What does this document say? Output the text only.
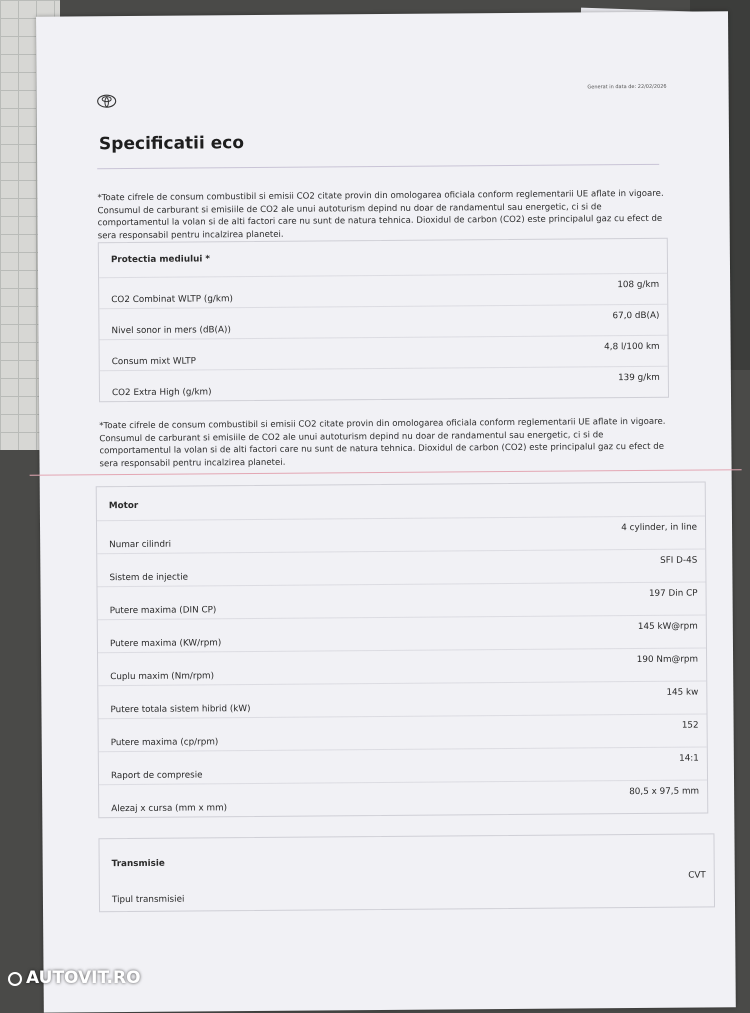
Generat in data de: 22/02/2026
Specificatii eco
*Toate cifrele de consum combustibil si emisii CO2 citate provin din omologarea oficiala conform reglementarii UE aflate in vigoare. Consumul de carburant si emisiile de CO2 ale unui autoturism depind nu doar de randamentul sau energetic, ci si de comportamentul la volan si de alti factori care nu sunt de natura tehnica. Dioxidul de carbon (CO2) este principalul gaz cu efect de sera responsabil pentru incalzirea planetei.
Protectia mediului *
108 g/km
CO2 Combinat WLTP (g/km)
67,0 dB(A)
Nivel sonor in mers (dB(A))
4,8 l/100 km
Consum mixt WLTP
139 g/km
CO2 Extra High (g/km)
*Toate cifrele de consum combustibil si emisii CO2 citate provin din omologarea oficiala conform reglementarii UE aflate in vigoare. Consumul de carburant si emisiile de CO2 ale unui autoturism depind nu doar de randamentul sau energetic, ci si de comportamentul la volan si de alti factori care nu sunt de natura tehnica. Dioxidul de carbon (CO2) este principalul gaz cu efect de sera responsabil pentru incalzirea planetei.
Motor
4 cylinder, in line
Numar cilindri
SFI D-4S
Sistem de injectie
197 Din CP
Putere maxima (DIN CP)
145 kW@rpm
Putere maxima (KW/rpm)
190 Nm@rpm
Cuplu maxim (Nm/rpm)
145 kw
Putere totala sistem hibrid (kW)
152
Putere maxima (cp/rpm)
14:1
Raport de compresie
80,5 x 97,5 mm
Alezaj x cursa (mm x mm)
Transmisie
CVT
Tipul transmisiei
AUTOVIT.RO
